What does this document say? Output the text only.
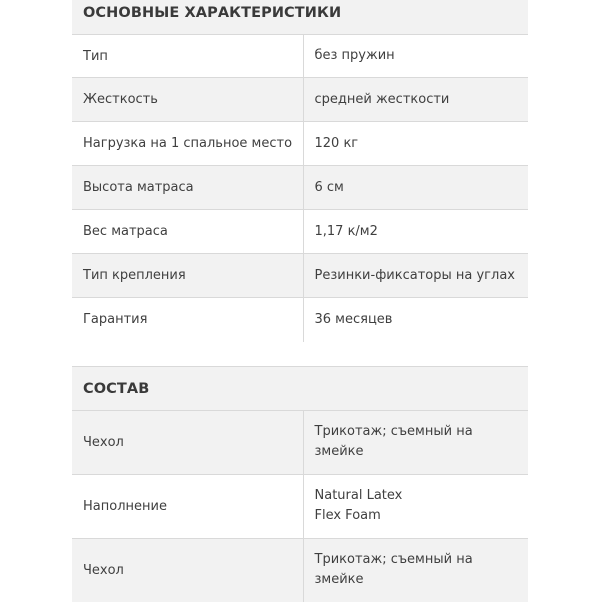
ОСНОВНЫЕ ХАРАКТЕРИСТИКИ
Тип	без пружин
Жесткость	средней жесткости
Нагрузка на 1 спальное место	120 кг
Высота матраса	6 см
Вес матраса	1,17 к/м2
Тип крепления	Резинки-фиксаторы на углах
Гарантия	36 месяцев
СОСТАВ
Чехол	Трикотаж; съемный на
змейке

Наполнение	Natural Latex
Flex Foam

Чехол	Трикотаж; съемный на
змейке
